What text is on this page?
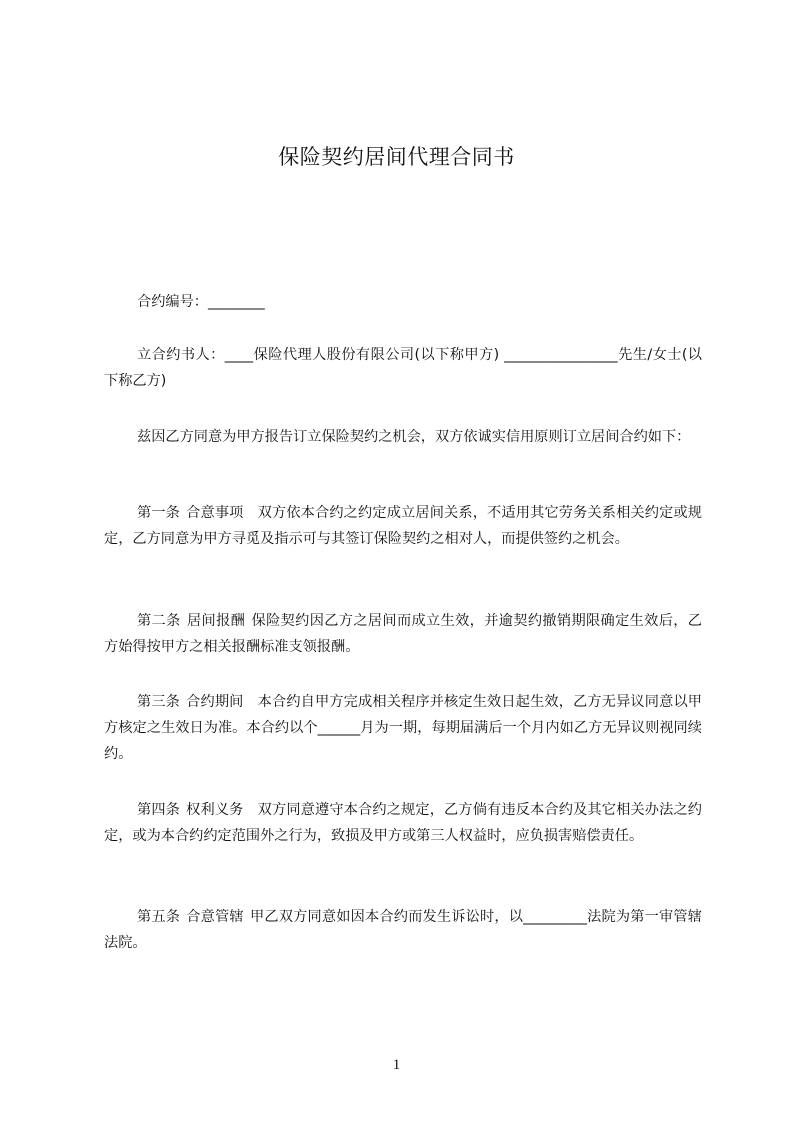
保险契约居间代理合同书
合约编号：________
立合约书人：____保险代理人股份有限公司(以下称甲方) ________________先生/女士(以下称乙方)
兹因乙方同意为甲方报告订立保险契约之机会，双方依诚实信用原则订立居间合约如下：
第一条 合意事项 双方依本合约之约定成立居间关系，不适用其它劳务关系相关约定或规定，乙方同意为甲方寻觅及指示可与其签订保险契约之相对人，而提供签约之机会。
第二条 居间报酬 保险契约因乙方之居间而成立生效，并逾契约撤销期限确定生效后，乙方始得按甲方之相关报酬标准支领报酬。
第三条 合约期间 本合约自甲方完成相关程序并核定生效日起生效，乙方无异议同意以甲方核定之生效日为准。本合约以个______月为一期，每期届满后一个月内如乙方无异议则视同续约。
第四条 权利义务 双方同意遵守本合约之规定，乙方倘有违反本合约及其它相关办法之约定，或为本合约约定范围外之行为，致损及甲方或第三人权益时，应负损害赔偿责任。
第五条 合意管辖 甲乙双方同意如因本合约而发生诉讼时，以_________法院为第一审管辖法院。
1
